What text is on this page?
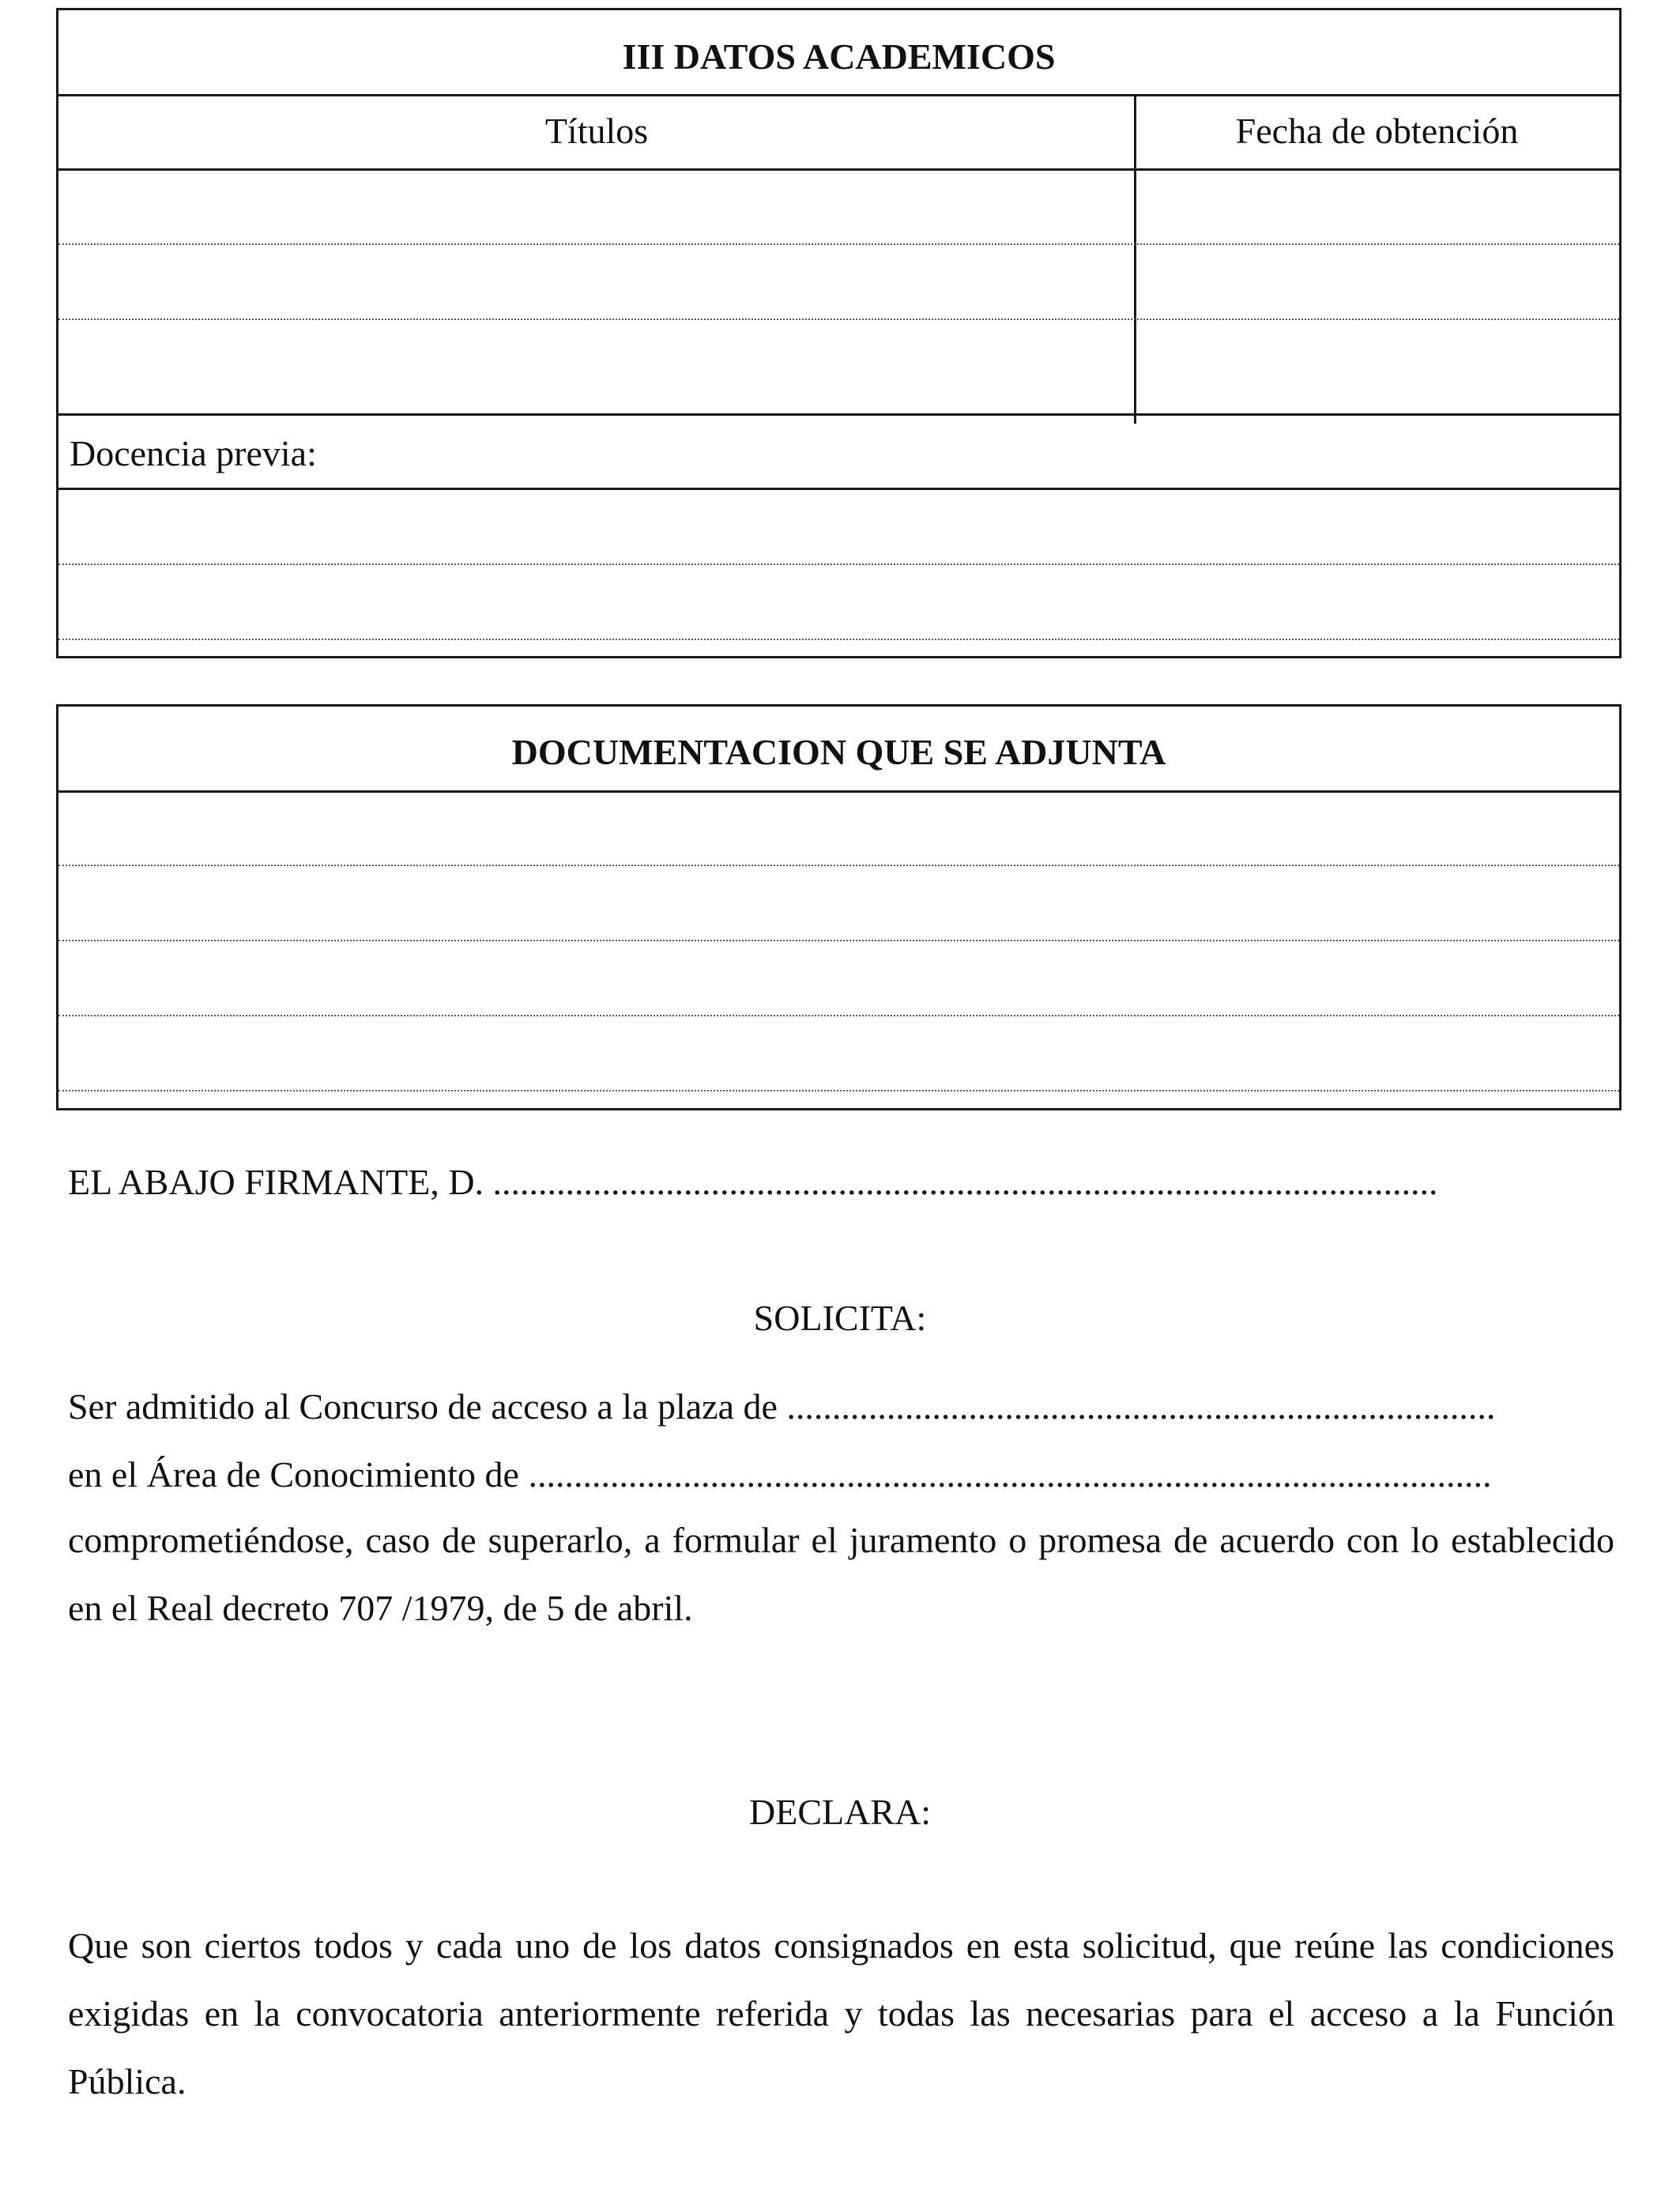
III DATOS ACADEMICOS
Títulos	Fecha de obtención
Docencia previa:
DOCUMENTACION QUE SE ADJUNTA
EL ABAJO FIRMANTE, D. ........................................................................................................
SOLICITA:
Ser admitido al Concurso de acceso a la plaza de ..............................................................................
en el Área de Conocimiento de ..........................................................................................................
comprometiéndose, caso de superarlo, a formular el juramento o promesa de acuerdo con lo establecido en el Real decreto 707 /1979, de 5 de abril.
DECLARA:
Que son ciertos todos y cada uno de los datos consignados en esta solicitud, que reúne las condiciones exigidas en la convocatoria anteriormente referida y todas las necesarias para el acceso a la Función Pública.
